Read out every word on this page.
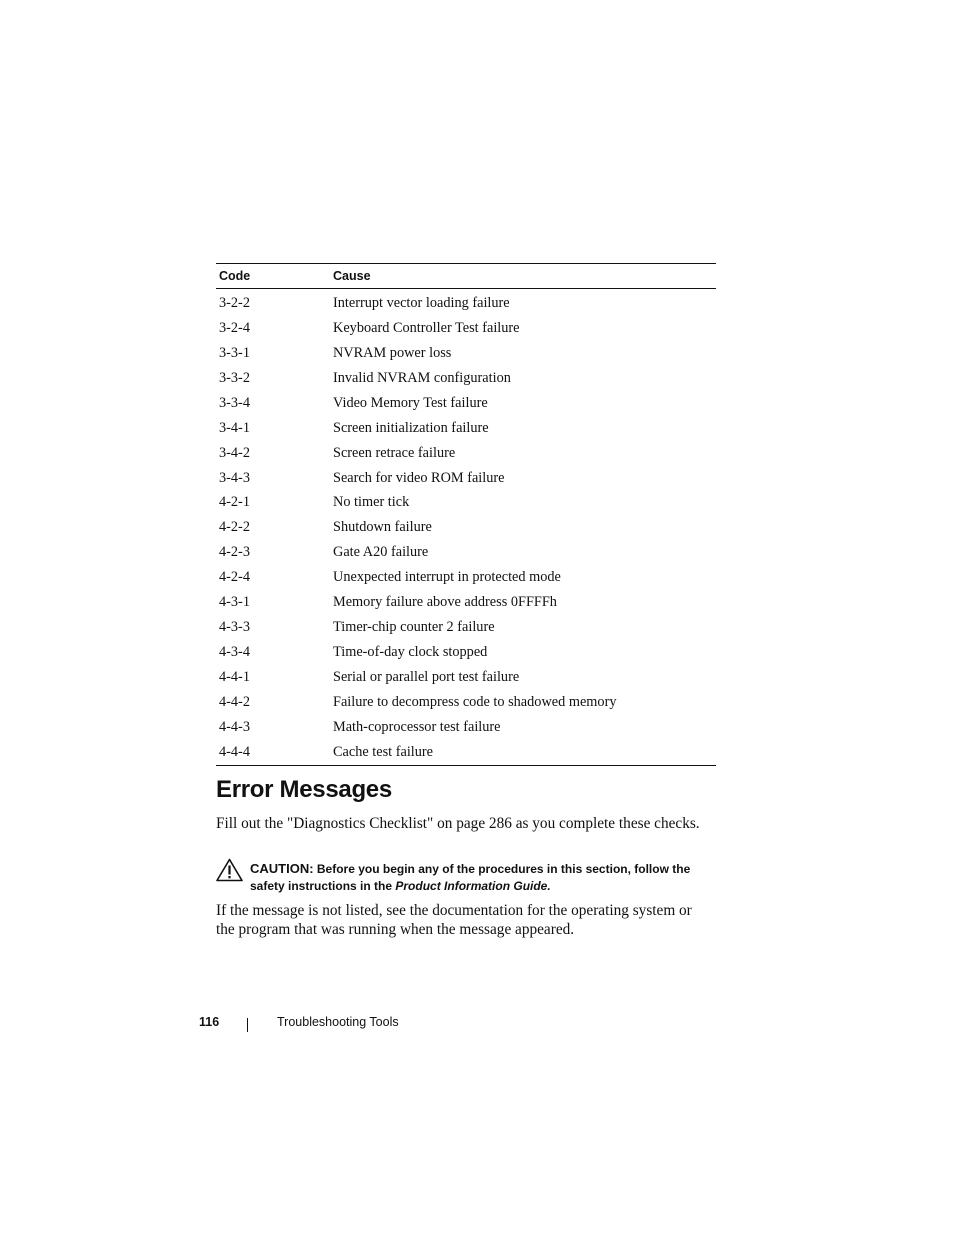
Code	Cause
3-2-2	Interrupt vector loading failure
3-2-4	Keyboard Controller Test failure
3-3-1	NVRAM power loss
3-3-2	Invalid NVRAM configuration
3-3-4	Video Memory Test failure
3-4-1	Screen initialization failure
3-4-2	Screen retrace failure
3-4-3	Search for video ROM failure
4-2-1	No timer tick
4-2-2	Shutdown failure
4-2-3	Gate A20 failure
4-2-4	Unexpected interrupt in protected mode
4-3-1	Memory failure above address 0FFFFh
4-3-3	Timer-chip counter 2 failure
4-3-4	Time-of-day clock stopped
4-4-1	Serial or parallel port test failure
4-4-2	Failure to decompress code to shadowed memory
4-4-3	Math-coprocessor test failure
4-4-4	Cache test failure
Error Messages

Fill out the "Diagnostics Checklist" on page 286 as you complete these checks.

CAUTION: Before you begin any of the procedures in this section, follow the safety instructions in the Product Information Guide.

If the message is not listed, see the documentation for the operating system or the program that was running when the message appeared.

116	Troubleshooting Tools
